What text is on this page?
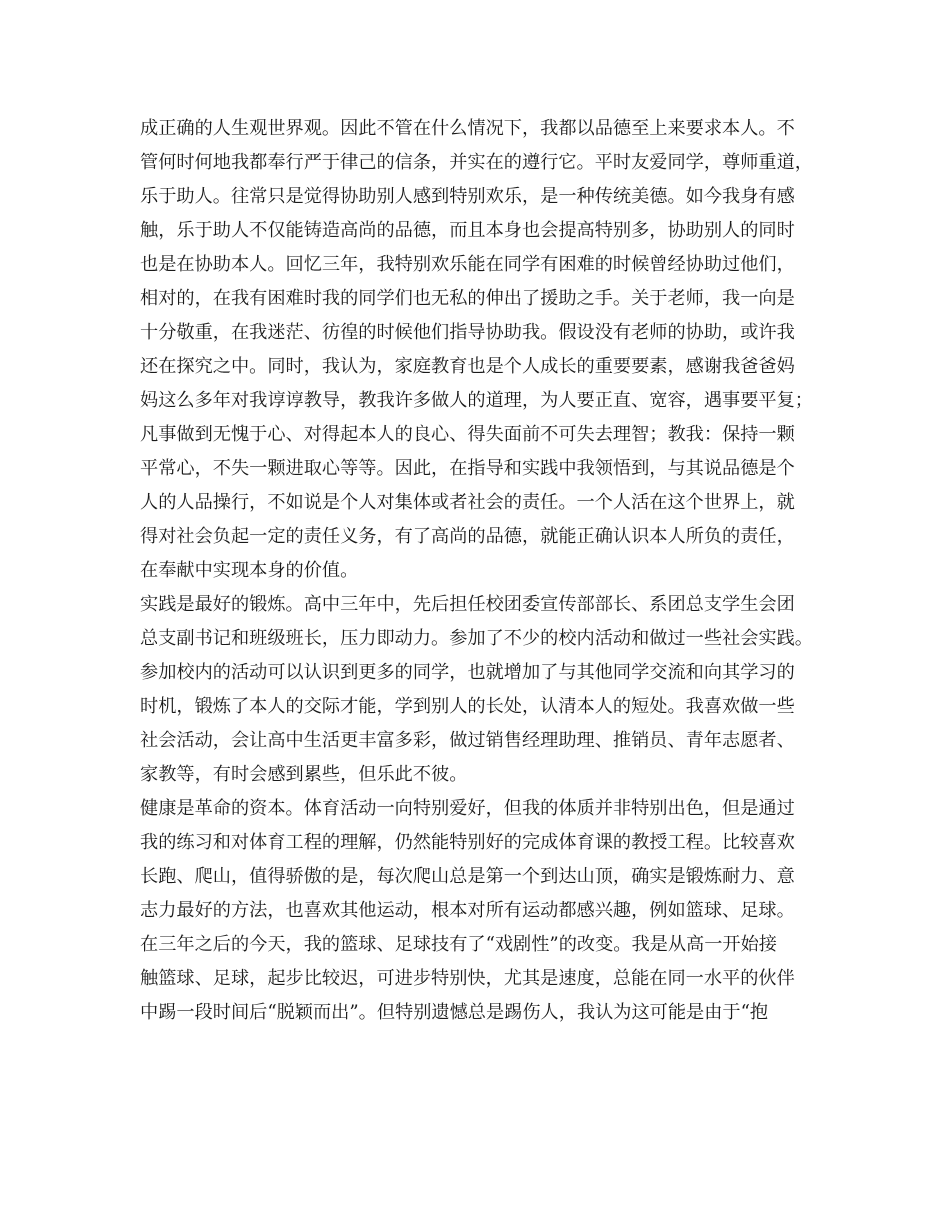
成正确的人生观世界观。因此不管在什么情况下，我都以品德至上来要求本人。不
管何时何地我都奉行严于律己的信条，并实在的遵行它。平时友爱同学，尊师重道，
乐于助人。往常只是觉得协助别人感到特别欢乐，是一种传统美德。如今我身有感
触，乐于助人不仅能铸造高尚的品德，而且本身也会提高特别多，协助别人的同时
也是在协助本人。回忆三年，我特别欢乐能在同学有困难的时候曾经协助过他们，
相对的，在我有困难时我的同学们也无私的伸出了援助之手。关于老师，我一向是
十分敬重，在我迷茫、彷徨的时候他们指导协助我。假设没有老师的协助，或许我
还在探究之中。同时，我认为，家庭教育也是个人成长的重要要素，感谢我爸爸妈
妈这么多年对我谆谆教导，教我许多做人的道理，为人要正直、宽容，遇事要平复；
凡事做到无愧于心、对得起本人的良心、得失面前不可失去理智；教我：保持一颗
平常心，不失一颗进取心等等。因此，在指导和实践中我领悟到，与其说品德是个
人的人品操行，不如说是个人对集体或者社会的责任。一个人活在这个世界上，就
得对社会负起一定的责任义务，有了高尚的品德，就能正确认识本人所负的责任，
在奉献中实现本身的价值。
实践是最好的锻炼。高中三年中，先后担任校团委宣传部部长、系团总支学生会团
总支副书记和班级班长，压力即动力。参加了不少的校内活动和做过一些社会实践。
参加校内的活动可以认识到更多的同学，也就增加了与其他同学交流和向其学习的
时机，锻炼了本人的交际才能，学到别人的长处，认清本人的短处。我喜欢做一些
社会活动，会让高中生活更丰富多彩，做过销售经理助理、推销员、青年志愿者、
家教等，有时会感到累些，但乐此不彼。
健康是革命的资本。体育活动一向特别爱好，但我的体质并非特别出色，但是通过
我的练习和对体育工程的理解，仍然能特别好的完成体育课的教授工程。比较喜欢
长跑、爬山，值得骄傲的是，每次爬山总是第一个到达山顶，确实是锻炼耐力、意
志力最好的方法，也喜欢其他运动，根本对所有运动都感兴趣，例如篮球、足球。
在三年之后的今天，我的篮球、足球技有了“戏剧性”的改变。我是从高一开始接
触篮球、足球，起步比较迟，可进步特别快，尤其是速度，总能在同一水平的伙伴
中踢一段时间后“脱颖而出”。但特别遗憾总是踢伤人，我认为这可能是由于“抱
